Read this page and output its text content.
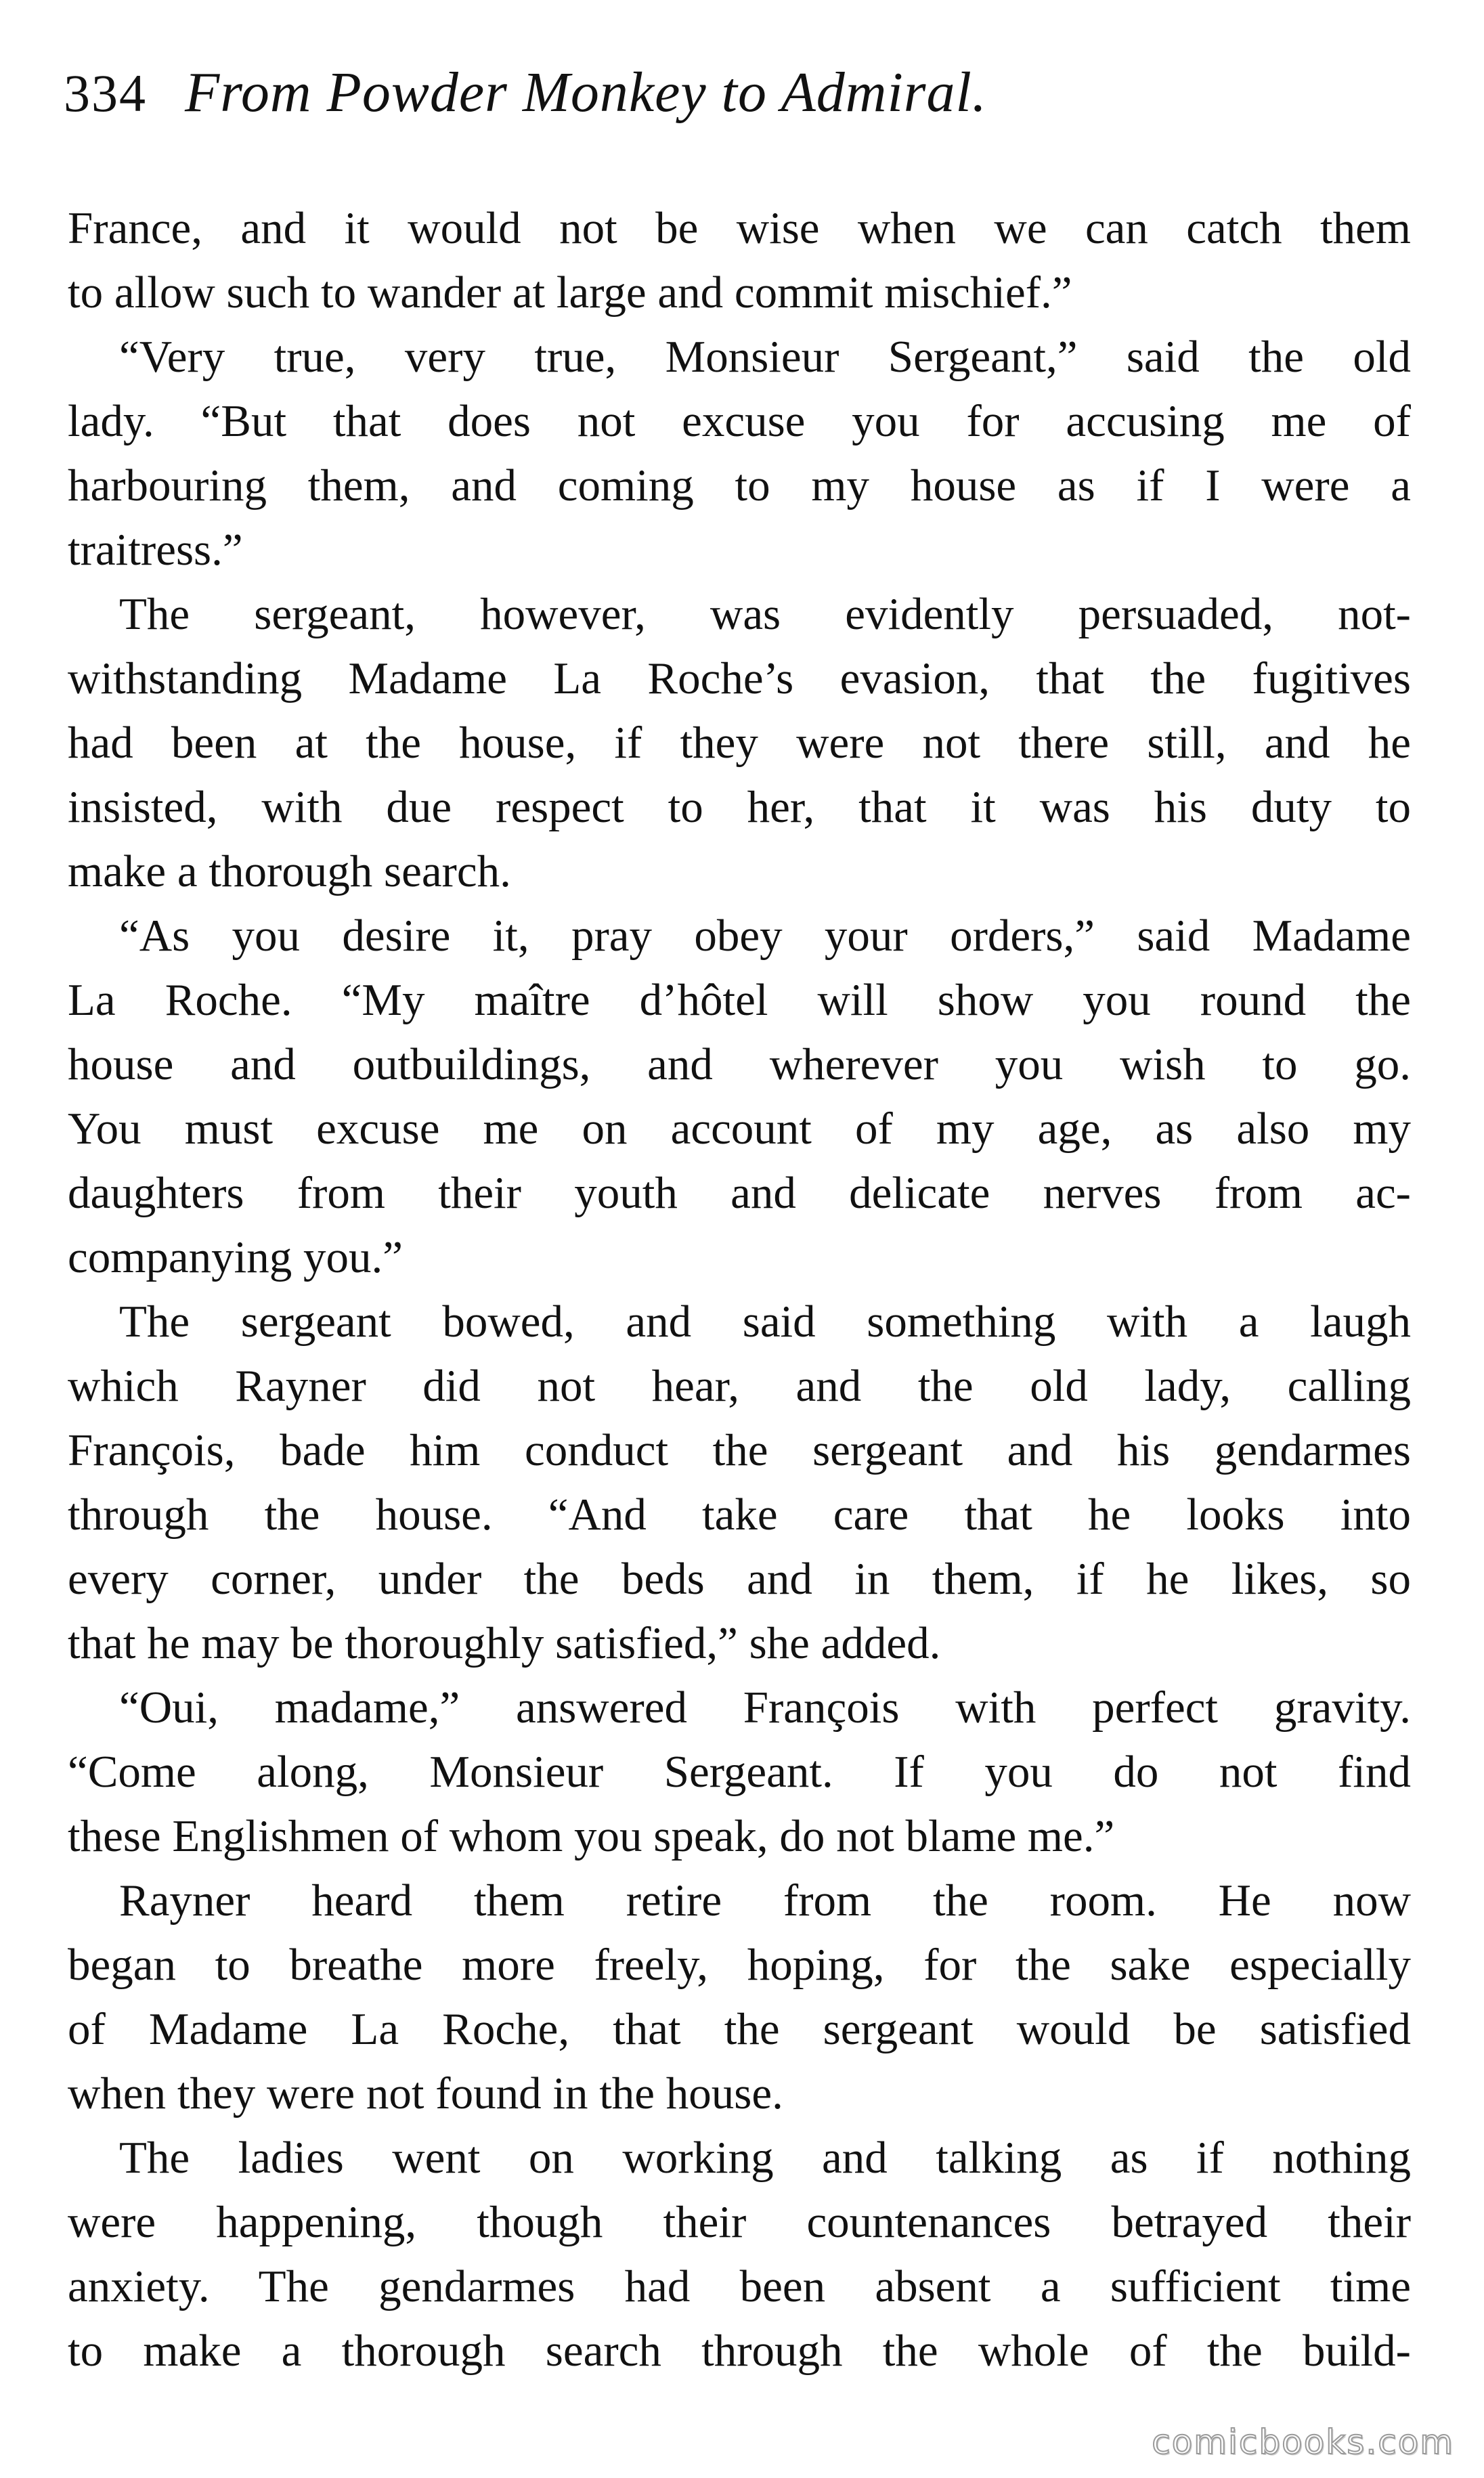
334 From Powder Monkey to Admiral.
France, and it would not be wise when we can catch them
to allow such to wander at large and commit mischief.”
“Very true, very true, Monsieur Sergeant,” said the old
lady. “But that does not excuse you for accusing me of
harbouring them, and coming to my house as if I were a
traitress.”
The sergeant, however, was evidently persuaded, not-
withstanding Madame La Roche’s evasion, that the fugitives
had been at the house, if they were not there still, and he
insisted, with due respect to her, that it was his duty to
make a thorough search.
“As you desire it, pray obey your orders,” said Madame
La Roche. “My maître d’hôtel will show you round the
house and outbuildings, and wherever you wish to go.
You must excuse me on account of my age, as also my
daughters from their youth and delicate nerves from ac-
companying you.”
The sergeant bowed, and said something with a laugh
which Rayner did not hear, and the old lady, calling
François, bade him conduct the sergeant and his gendarmes
through the house. “And take care that he looks into
every corner, under the beds and in them, if he likes, so
that he may be thoroughly satisfied,” she added.
“Oui, madame,” answered François with perfect gravity.
“Come along, Monsieur Sergeant. If you do not find
these Englishmen of whom you speak, do not blame me.”
Rayner heard them retire from the room. He now
began to breathe more freely, hoping, for the sake especially
of Madame La Roche, that the sergeant would be satisfied
when they were not found in the house.
The ladies went on working and talking as if nothing
were happening, though their countenances betrayed their
anxiety. The gendarmes had been absent a sufficient time
to make a thorough search through the whole of the build-
comicbooks.com
